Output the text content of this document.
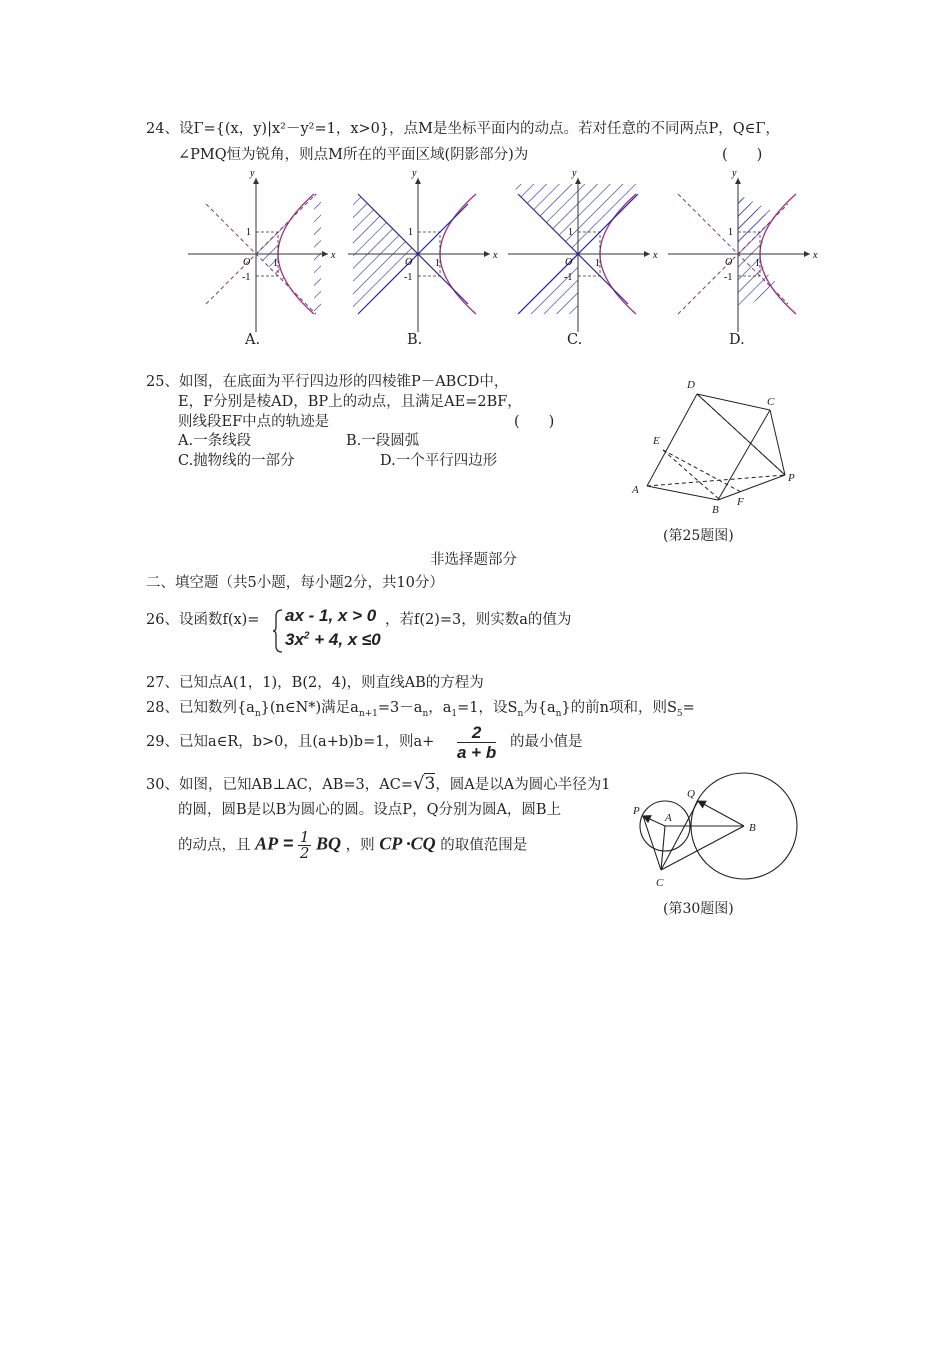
24、设Γ={(x，y)|x²－y²=1，x>0}，点M是坐标平面内的动点。若对任意的不同两点P，Q∈Γ，
∠PMQ恒为锐角，则点M所在的平面区域(阴影部分)为	(　　)
x
y
O
1
1
-1
x
y
O
1
1
-1
x
y
O
1
1
-1
x
y
O
1
1
-1
A.	B.	C.	D.
25、如图，在底面为平行四边形的四棱锥P－ABCD中，
E，F分别是棱AD，BP上的动点，且满足AE=2BF，
则线段EF中点的轨迹是	(　　)
A.一条线段	B.一段圆弧
C.抛物线的一部分	D.一个平行四边形
D
C
E
P
A
F
B
(第25题图)
非选择题部分
二、填空题（共5小题，每小题2分，共10分）
26、设函数f(x)= ax - 1, x > 0
$3x^2 + 4$, x ≤0
，若f(2)=3，则实数a的值为
27、已知点A(1，1)，B(2，4)，则直线AB的方程为
28、已知数列$\{a_n\}(n\in N*)$满足$a_{n+1}=3-a_n$，$a_1=1$，设$S_n$为$\{a_n\}$的前n项和，则$S_5=$
29、已知a∈R，b>0，且(a+b)b=1，则$a+ \frac{2}{a + b}$ 的最小值是
30、如图，已知AB⊥AC，AB=3，AC=√3，圆A是以A为圆心半径为1
的圆，圆B是以B为圆心的圆。设点P，Q分别为圆A，圆B上
的动点，且 AP = $\frac{1}{2}$ BQ ，则 CP ·CQ 的取值范围是
P
Q
A
B
C
(第30题图)
